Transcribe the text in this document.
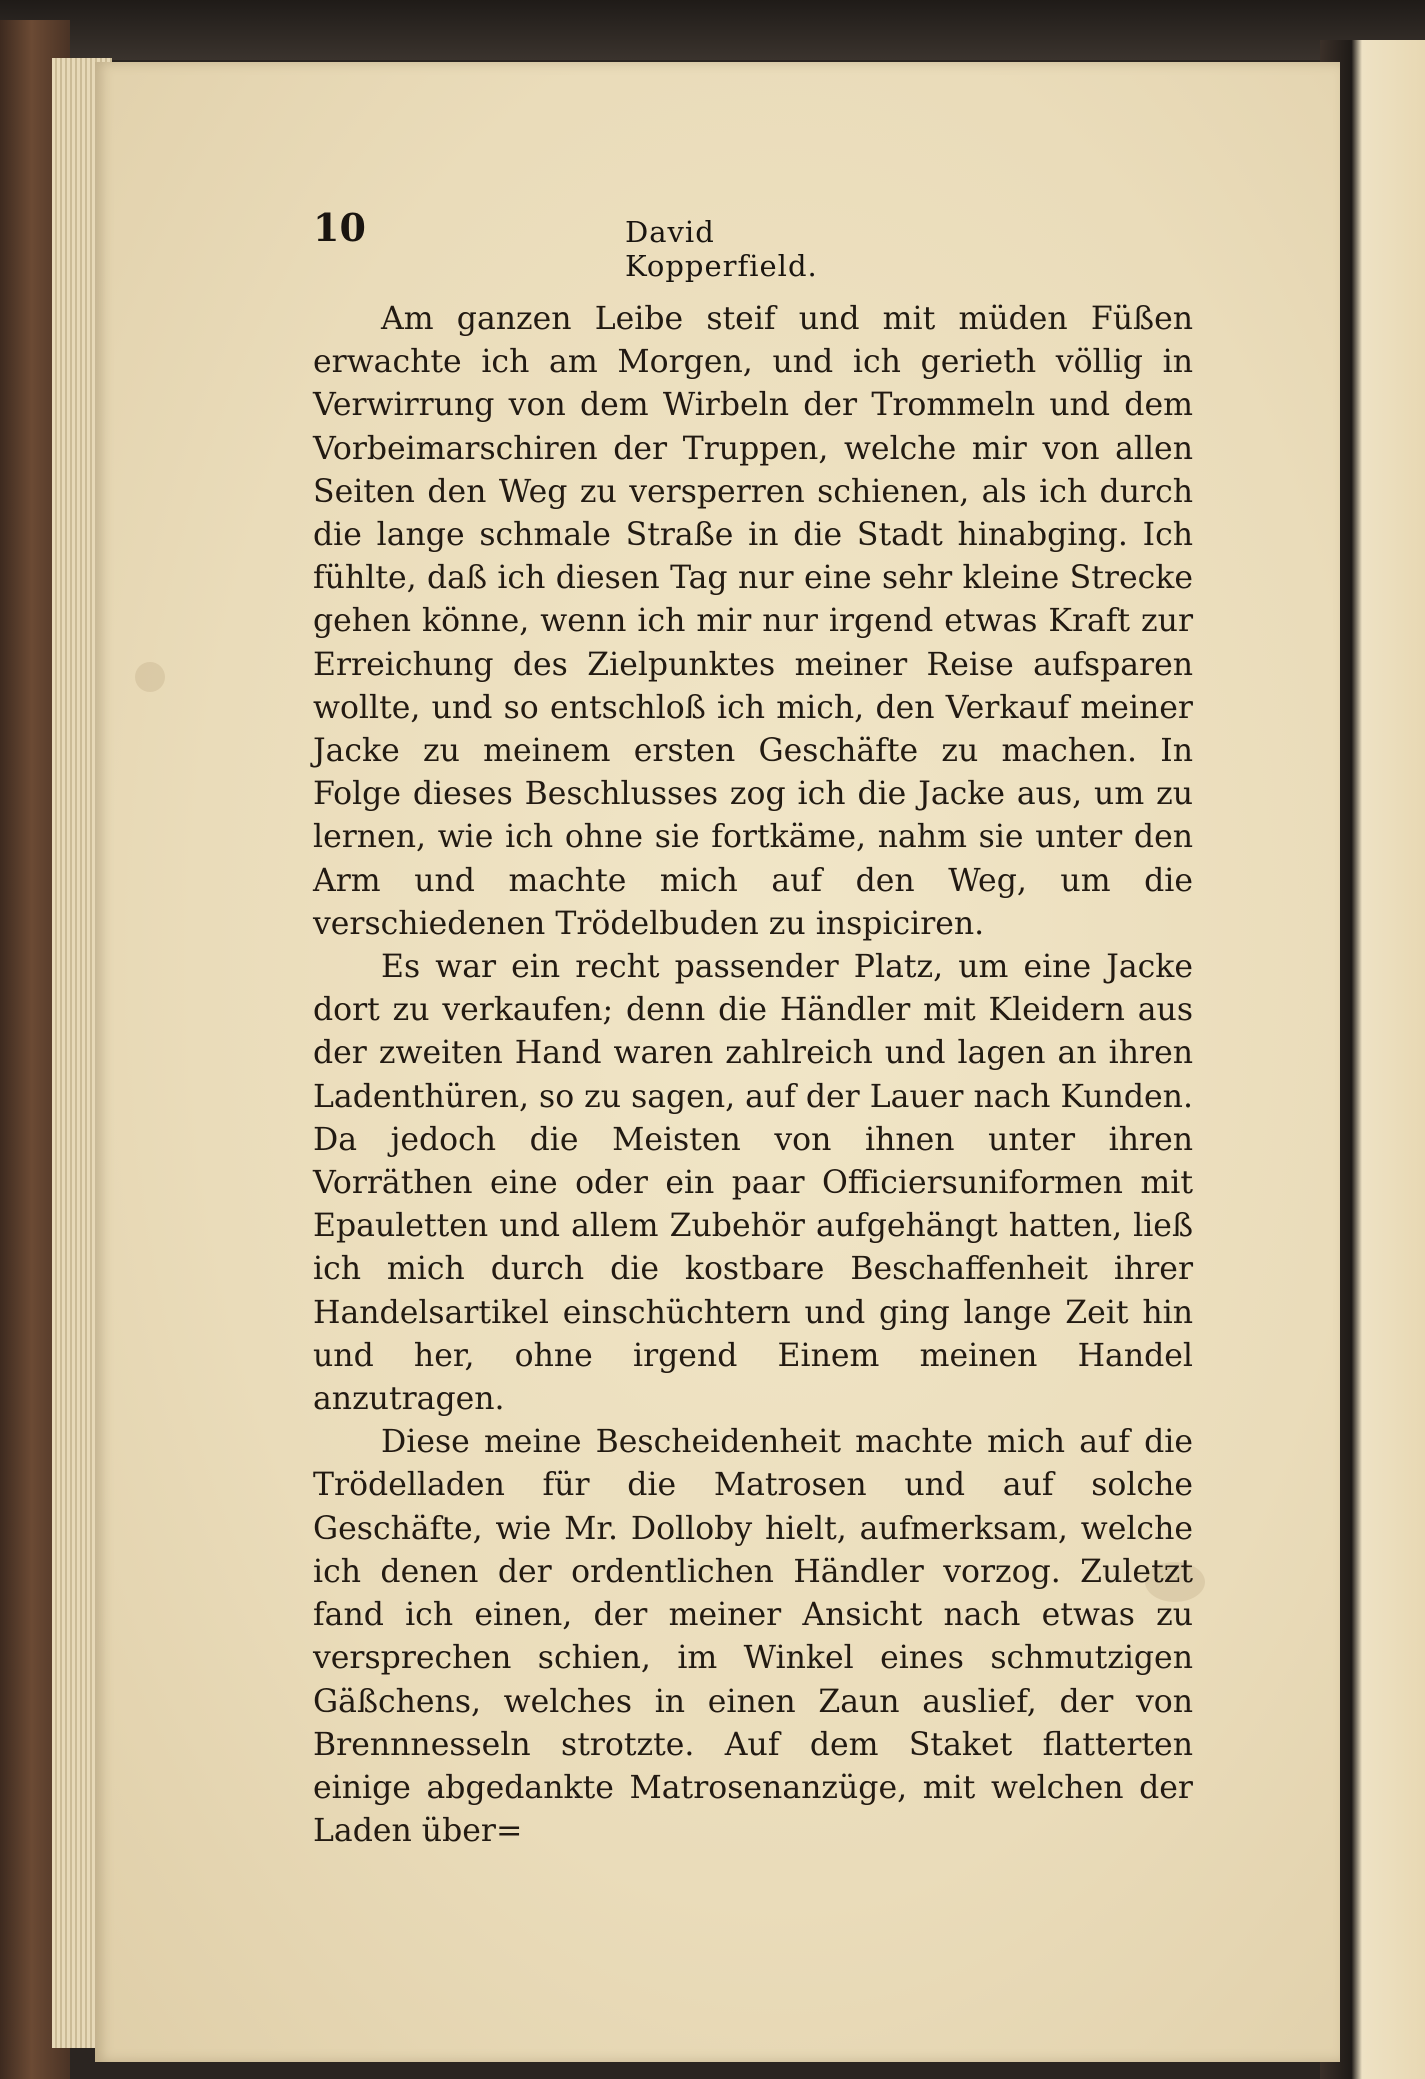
10	David Kopperfield.

Am ganzen Leibe steif und mit müden Füßen erwachte ich am Morgen, und ich gerieth völlig in Verwirrung von dem Wirbeln der Trommeln und dem Vorbeimarschiren der Truppen, welche mir von allen Seiten den Weg zu versperren schienen, als ich durch die lange schmale Straße in die Stadt hinabging. Ich fühlte, daß ich diesen Tag nur eine sehr kleine Strecke gehen könne, wenn ich mir nur irgend etwas Kraft zur Erreichung des Zielpunktes meiner Reise aufsparen wollte, und so entschloß ich mich, den Verkauf meiner Jacke zu meinem ersten Geschäfte zu machen. In Folge dieses Beschlusses zog ich die Jacke aus, um zu lernen, wie ich ohne sie fortkäme, nahm sie unter den Arm und machte mich auf den Weg, um die verschiedenen Trödelbuden zu inspiciren.

Es war ein recht passender Platz, um eine Jacke dort zu verkaufen; denn die Händler mit Kleidern aus der zweiten Hand waren zahlreich und lagen an ihren Ladenthüren, so zu sagen, auf der Lauer nach Kunden. Da jedoch die Meisten von ihnen unter ihren Vorräthen eine oder ein paar Officiersuniformen mit Epauletten und allem Zubehör aufgehängt hatten, ließ ich mich durch die kostbare Beschaffenheit ihrer Handelsartikel einschüchtern und ging lange Zeit hin und her, ohne irgend Einem meinen Handel anzutragen.

Diese meine Bescheidenheit machte mich auf die Trödelladen für die Matrosen und auf solche Geschäfte, wie Mr. Dolloby hielt, aufmerksam, welche ich denen der ordentlichen Händler vorzog. Zuletzt fand ich einen, der meiner Ansicht nach etwas zu versprechen schien, im Winkel eines schmutzigen Gäßchens, welches in einen Zaun auslief, der von Brennnesseln strotzte. Auf dem Staket flatterten einige abgedankte Matrosenanzüge, mit welchen der Laden über=
